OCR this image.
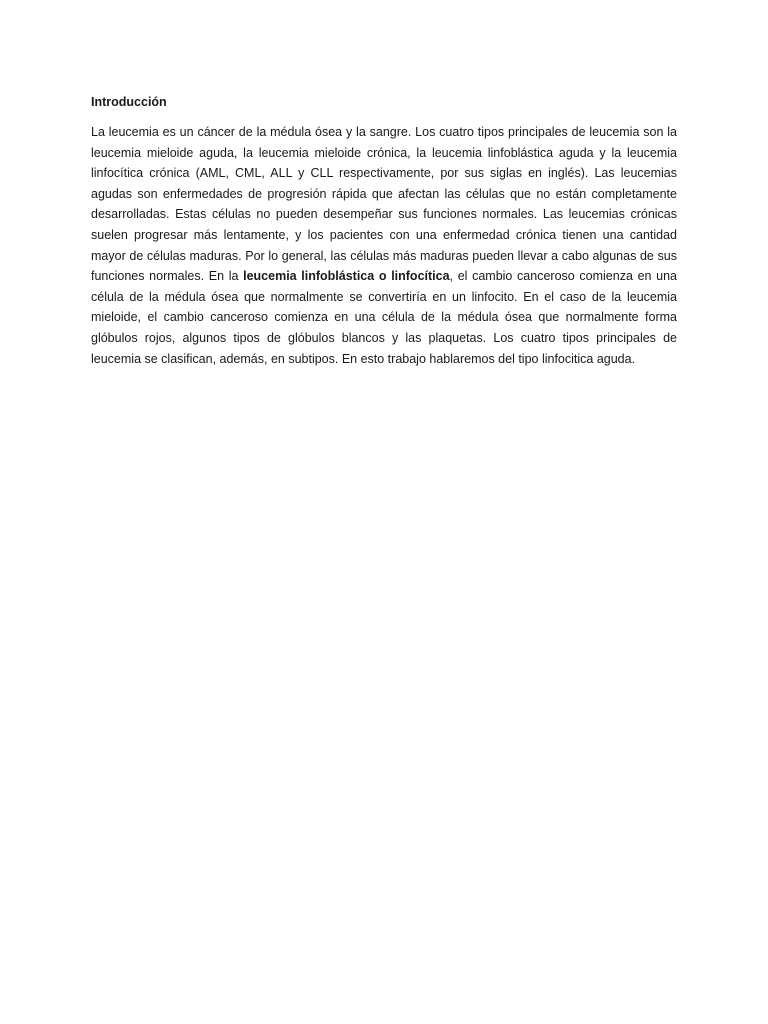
Introducción

La leucemia es un cáncer de la médula ósea y la sangre. Los cuatro tipos principales de leucemia son la leucemia mieloide aguda, la leucemia mieloide crónica, la leucemia linfoblástica aguda y la leucemia linfocítica crónica (AML, CML, ALL y CLL respectivamente, por sus siglas en inglés). Las leucemias agudas son enfermedades de progresión rápida que afectan las células que no están completamente desarrolladas. Estas células no pueden desempeñar sus funciones normales. Las leucemias crónicas suelen progresar más lentamente, y los pacientes con una enfermedad crónica tienen una cantidad mayor de células maduras. Por lo general, las células más maduras pueden llevar a cabo algunas de sus funciones normales. En la leucemia linfoblástica o linfocítica, el cambio canceroso comienza en una célula de la médula ósea que normalmente se convertiría en un linfocito. En el caso de la leucemia mieloide, el cambio canceroso comienza en una célula de la médula ósea que normalmente forma glóbulos rojos, algunos tipos de glóbulos blancos y las plaquetas. Los cuatro tipos principales de leucemia se clasifican, además, en subtipos. En esto trabajo hablaremos del tipo linfocitica aguda.
